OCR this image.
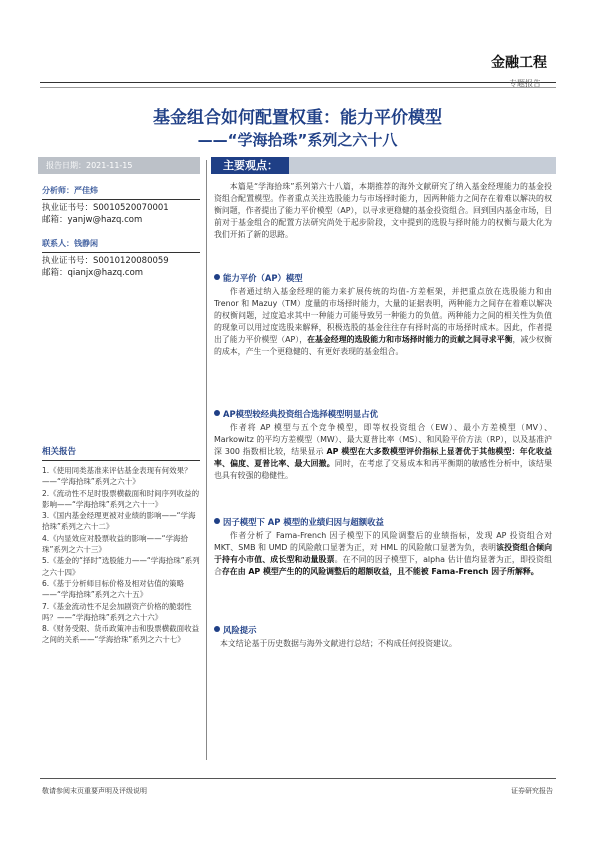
金融工程
专题报告
基金组合如何配置权重：能力平价模型
——“学海拾珠”系列之六十八
报告日期：2021-11-15
分析师：严佳炜
执业证书号：S0010520070001
邮箱：yanjw@hazq.com
联系人：钱静闲
执业证书号：S0010120080059
邮箱：qianjx@hazq.com
相关报告
1.《使用同类基准来评估基金表现有何效果？——“学海拾珠”系列之六十》
2.《流动性不足时股票横截面和时间序列收益的影响——“学海拾珠”系列之六十一》
3.《国内基金经理更被对业绩的影响——“学海拾珠”系列之六十二》
4.《内显效应对股票收益的影响——“学海拾珠”系列之六十三》
5.《基金的“择时”选股能力——“学海拾珠”系列之六十四》
6.《基于分析师目标价格及相对估值的策略——“学海拾珠”系列之六十五》
7.《基金流动性不足会加剧资产价格的脆弱性吗？——“学海拾珠”系列之六十六》
8.《财务受限、货币政策冲击和股票横截面收益之间的关系——“学海拾珠”系列之六十七》
主要观点：
本篇是“学海拾珠”系列第六十八篇，本期推荐的海外文献研究了纳入基金经理能力的基金投资组合配置模型。作者重点关注选股能力与市场择时能力，因两种能力之间存在着难以解决的权衡问题，作者提出了能力平价模型（AP），以寻求更稳健的基金投资组合。回到国内基金市场，目前对于基金组合的配置方法研究尚处于起步阶段，文中提到的选股与择时能力的权衡与最大化为我们开拓了新的思路。
能力平价（AP）模型
作者通过纳入基金经理的能力来扩展传统的均值-方差框架，并把重点放在选股能力和由 Trenor 和 Mazuy（TM）度量的市场择时能力，大量的证据表明，两种能力之间存在着难以解决的权衡问题，过度追求其中一种能力可能导致另一种能力的负值。两种能力之间的相关性为负值的现象可以用过度选股来解释，积极选股的基金往往存有择时高的市场择时成本。因此，作者提出了能力平价模型（AP），在基金经理的选股能力和市场择时能力的贡献之间寻求平衡，减少权衡的成本，产生一个更稳健的、有更好表现的基金组合。
AP模型较经典投资组合选择模型明显占优
作者将 AP 模型与五个竞争模型，即等权投资组合（EW）、最小方差模型（MV）、Markowitz 的平均方差模型（MW）、最大夏普比率（MS）、和风险平价方法（RP），以及基准沪深 300 指数相比较，结果显示 AP 模型在大多数模型评价指标上显著优于其他模型：年化收益率、偏度、夏普比率、最大回撤。同时，在考虑了交易成本和再平衡期的敏感性分析中，该结果也具有较强的稳健性。
因子模型下 AP 模型的业绩归因与超额收益
作者分析了 Fama-French 因子模型下的风险调整后的业绩指标，发现 AP 投资组合对 MKT、SMB 和 UMD 的风险敞口显著为正，对 HML 的风险敞口显著为负，表明该投资组合倾向于持有小市值、成长型和动量股票。在不同的因子模型下，alpha 估计值均显著为正，即投资组合存在由 AP 模型产生的的风险调整后的超额收益，且不能被 Fama-French 因子所解释。
风险提示
本文结论基于历史数据与海外文献进行总结；不构成任何投资建议。
敬请参阅末页重要声明及评级说明	证券研究报告
